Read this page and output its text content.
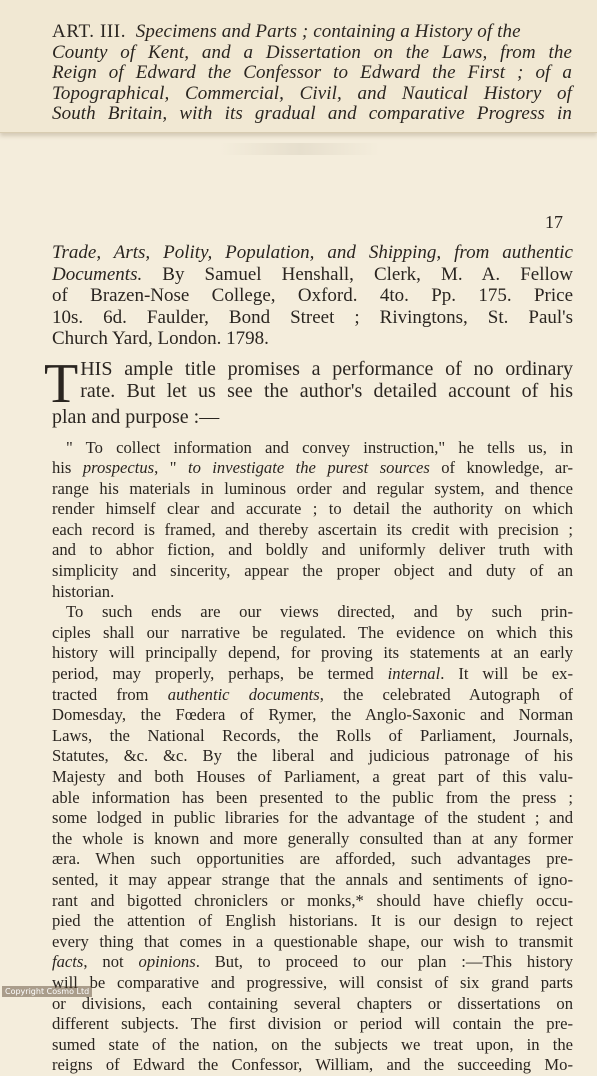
ART. III. Specimens and Parts ; containing a History of the
County of Kent, and a Dissertation on the Laws, from the
Reign of Edward the Confessor to Edward the First ; of a
Topographical, Commercial, Civil, and Nautical History of
South Britain, with its gradual and comparative Progress in
17
Trade, Arts, Polity, Population, and Shipping, from authentic
Documents. By Samuel Henshall, Clerk, M. A. Fellow
of Brazen-Nose College, Oxford. 4to. Pp. 175. Price
10s. 6d. Faulder, Bond Street ; Rivingtons, St. Paul's
Church Yard, London. 1798.
T HIS ample title promises a performance of no ordinary
rate. But let us see the author's detailed account of his
plan and purpose :—
" To collect information and convey instruction," he tells us, in
his prospectus, " to investigate the purest sources of knowledge, ar-
range his materials in luminous order and regular system, and thence
render himself clear and accurate ; to detail the authority on which
each record is framed, and thereby ascertain its credit with precision ;
and to abhor fiction, and boldly and uniformly deliver truth with
simplicity and sincerity, appear the proper object and duty of an
historian.
To such ends are our views directed, and by such prin-
ciples shall our narrative be regulated. The evidence on which this
history will principally depend, for proving its statements at an early
period, may properly, perhaps, be termed internal. It will be ex-
tracted from authentic documents, the celebrated Autograph of
Domesday, the Fœdera of Rymer, the Anglo-Saxonic and Norman
Laws, the National Records, the Rolls of Parliament, Journals,
Statutes, &c. &c. By the liberal and judicious patronage of his
Majesty and both Houses of Parliament, a great part of this valu-
able information has been presented to the public from the press ;
some lodged in public libraries for the advantage of the student ; and
the whole is known and more generally consulted than at any former
æra. When such opportunities are afforded, such advantages pre-
sented, it may appear strange that the annals and sentiments of igno-
rant and bigotted chroniclers or monks,* should have chiefly occu-
pied the attention of English historians. It is our design to reject
every thing that comes in a questionable shape, our wish to transmit
facts, not opinions. But, to proceed to our plan :—This history
will be comparative and progressive, will consist of six grand parts
or divisions, each containing several chapters or dissertations on
different subjects. The first division or period will contain the pre-
sumed state of the nation, on the subjects we treat upon, in the
reigns of Edward the Confessor, William, and the succeeding Mo-
Copyright Cosmo Ltd
